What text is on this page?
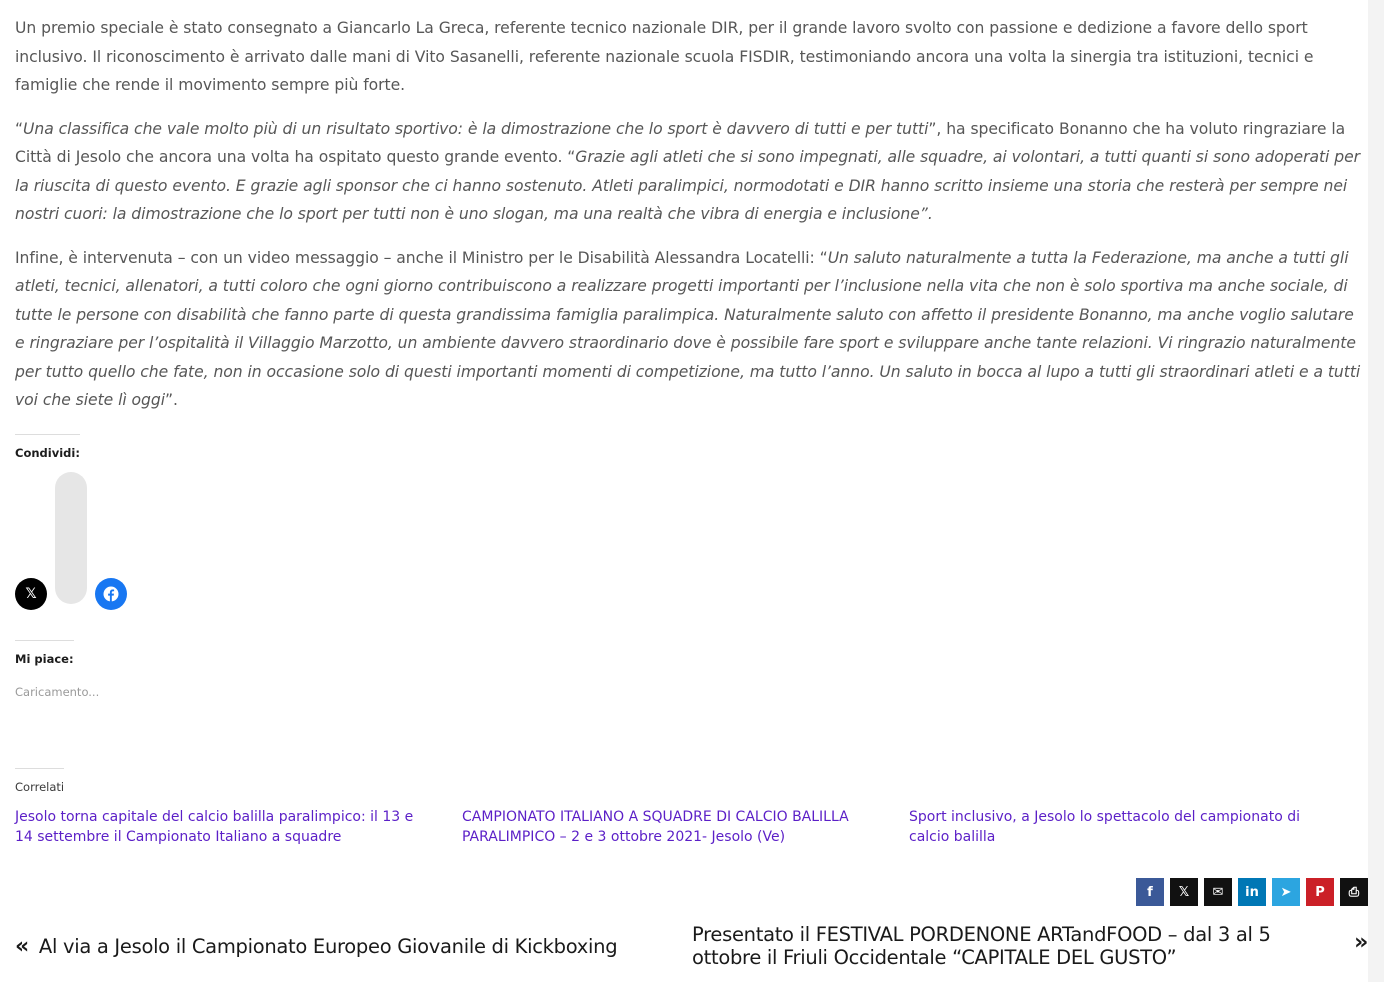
Un premio speciale è stato consegnato a Giancarlo La Greca, referente tecnico nazionale DIR, per il grande lavoro svolto con passione e dedizione a favore dello sport inclusivo. Il riconoscimento è arrivato dalle mani di Vito Sasanelli, referente nazionale scuola FISDIR, testimoniando ancora una volta la sinergia tra istituzioni, tecnici e famiglie che rende il movimento sempre più forte.

“Una classifica che vale molto più di un risultato sportivo: è la dimostrazione che lo sport è davvero di tutti e per tutti”, ha specificato Bonanno che ha voluto ringraziare la Città di Jesolo che ancora una volta ha ospitato questo grande evento. “Grazie agli atleti che si sono impegnati, alle squadre, ai volontari, a tutti quanti si sono adoperati per la riuscita di questo evento. E grazie agli sponsor che ci hanno sostenuto. Atleti paralimpici, normodotati e DIR hanno scritto insieme una storia che resterà per sempre nei nostri cuori: la dimostrazione che lo sport per tutti non è uno slogan, ma una realtà che vibra di energia e inclusione”.

Infine, è intervenuta – con un video messaggio – anche il Ministro per le Disabilità Alessandra Locatelli: “Un saluto naturalmente a tutta la Federazione, ma anche a tutti gli atleti, tecnici, allenatori, a tutti coloro che ogni giorno contribuiscono a realizzare progetti importanti per l’inclusione nella vita che non è solo sportiva ma anche sociale, di tutte le persone con disabilità che fanno parte di questa grandissima famiglia paralimpica. Naturalmente saluto con affetto il presidente Bonanno, ma anche voglio salutare e ringraziare per l’ospitalità il Villaggio Marzotto, un ambiente davvero straordinario dove è possibile fare sport e sviluppare anche tante relazioni. Vi ringrazio naturalmente per tutto quello che fate, non in occasione solo di questi importanti momenti di competizione, ma tutto l’anno. Un saluto in bocca al lupo a tutti gli straordinari atleti e a tutti voi che siete lì oggi”.

Condividi:
𝕏
Mi piace:
Caricamento...
Correlati
Jesolo torna capitale del calcio balilla paralimpico: il 13 e 14 settembre il Campionato Italiano a squadre
CAMPIONATO ITALIANO A SQUADRE DI CALCIO BALILLA PARALIMPICO – 2 e 3 ottobre 2021- Jesolo (Ve)
Sport inclusivo, a Jesolo lo spettacolo del campionato di calcio balilla
f 𝕏 ✉ in ➤ P ⎙
« Al via a Jesolo il Campionato Europeo Giovanile di Kickboxing
Presentato il FESTIVAL PORDENONE ARTandFOOD – dal 3 al 5 ottobre il Friuli Occidentale “CAPITALE DEL GUSTO”
»
